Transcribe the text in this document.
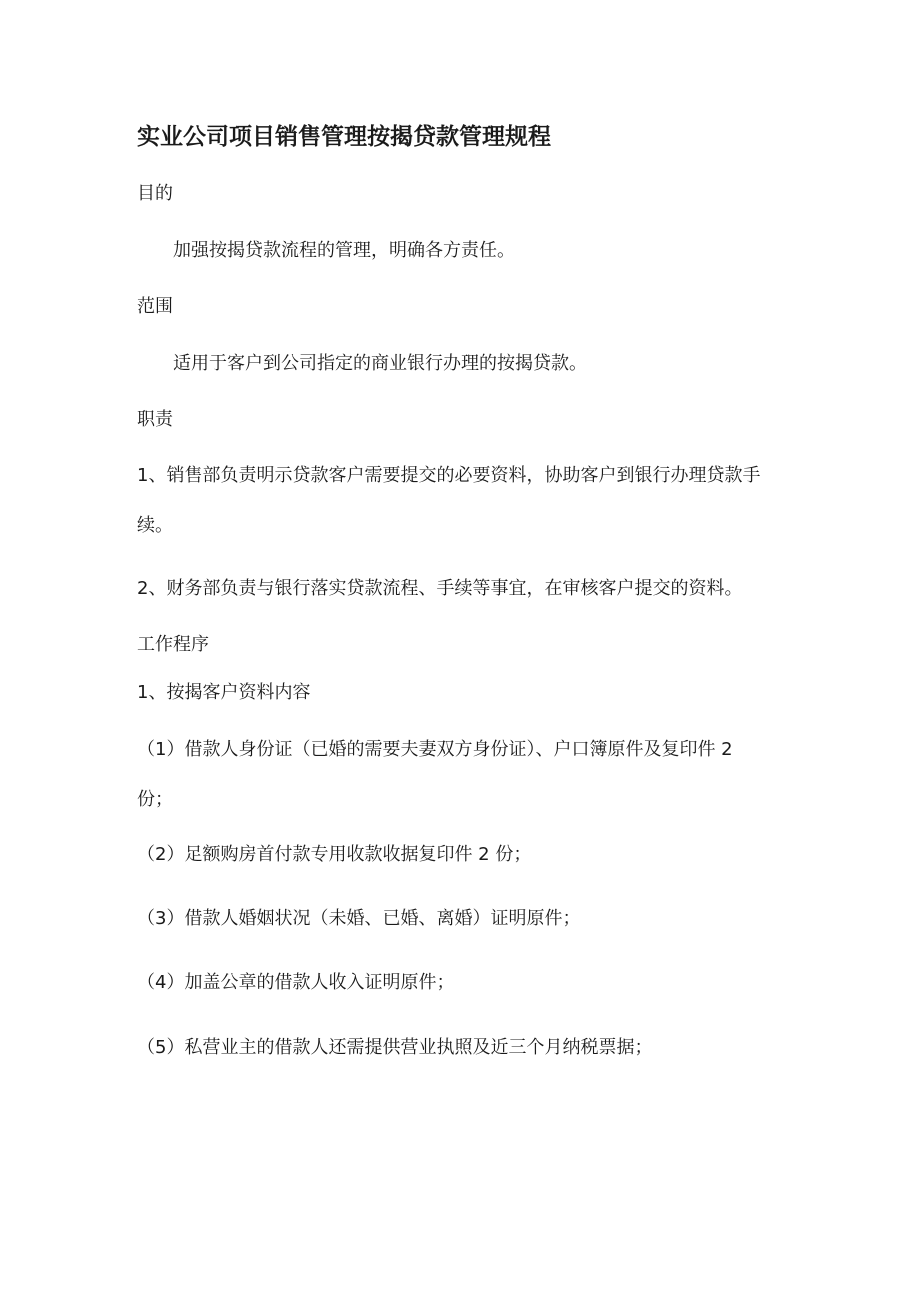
实业公司项目销售管理按揭贷款管理规程

目的

加强按揭贷款流程的管理，明确各方责任。

范围

适用于客户到公司指定的商业银行办理的按揭贷款。

职责

1、销售部负责明示贷款客户需要提交的必要资料，协助客户到银行办理贷款手

续。

2、财务部负责与银行落实贷款流程、手续等事宜，在审核客户提交的资料。

工作程序

1、按揭客户资料内容

（1）借款人身份证（已婚的需要夫妻双方身份证）、户口簿原件及复印件 2

份；

（2）足额购房首付款专用收款收据复印件 2 份；

（3）借款人婚姻状况（未婚、已婚、离婚）证明原件；

（4）加盖公章的借款人收入证明原件；

（5）私营业主的借款人还需提供营业执照及近三个月纳税票据；
